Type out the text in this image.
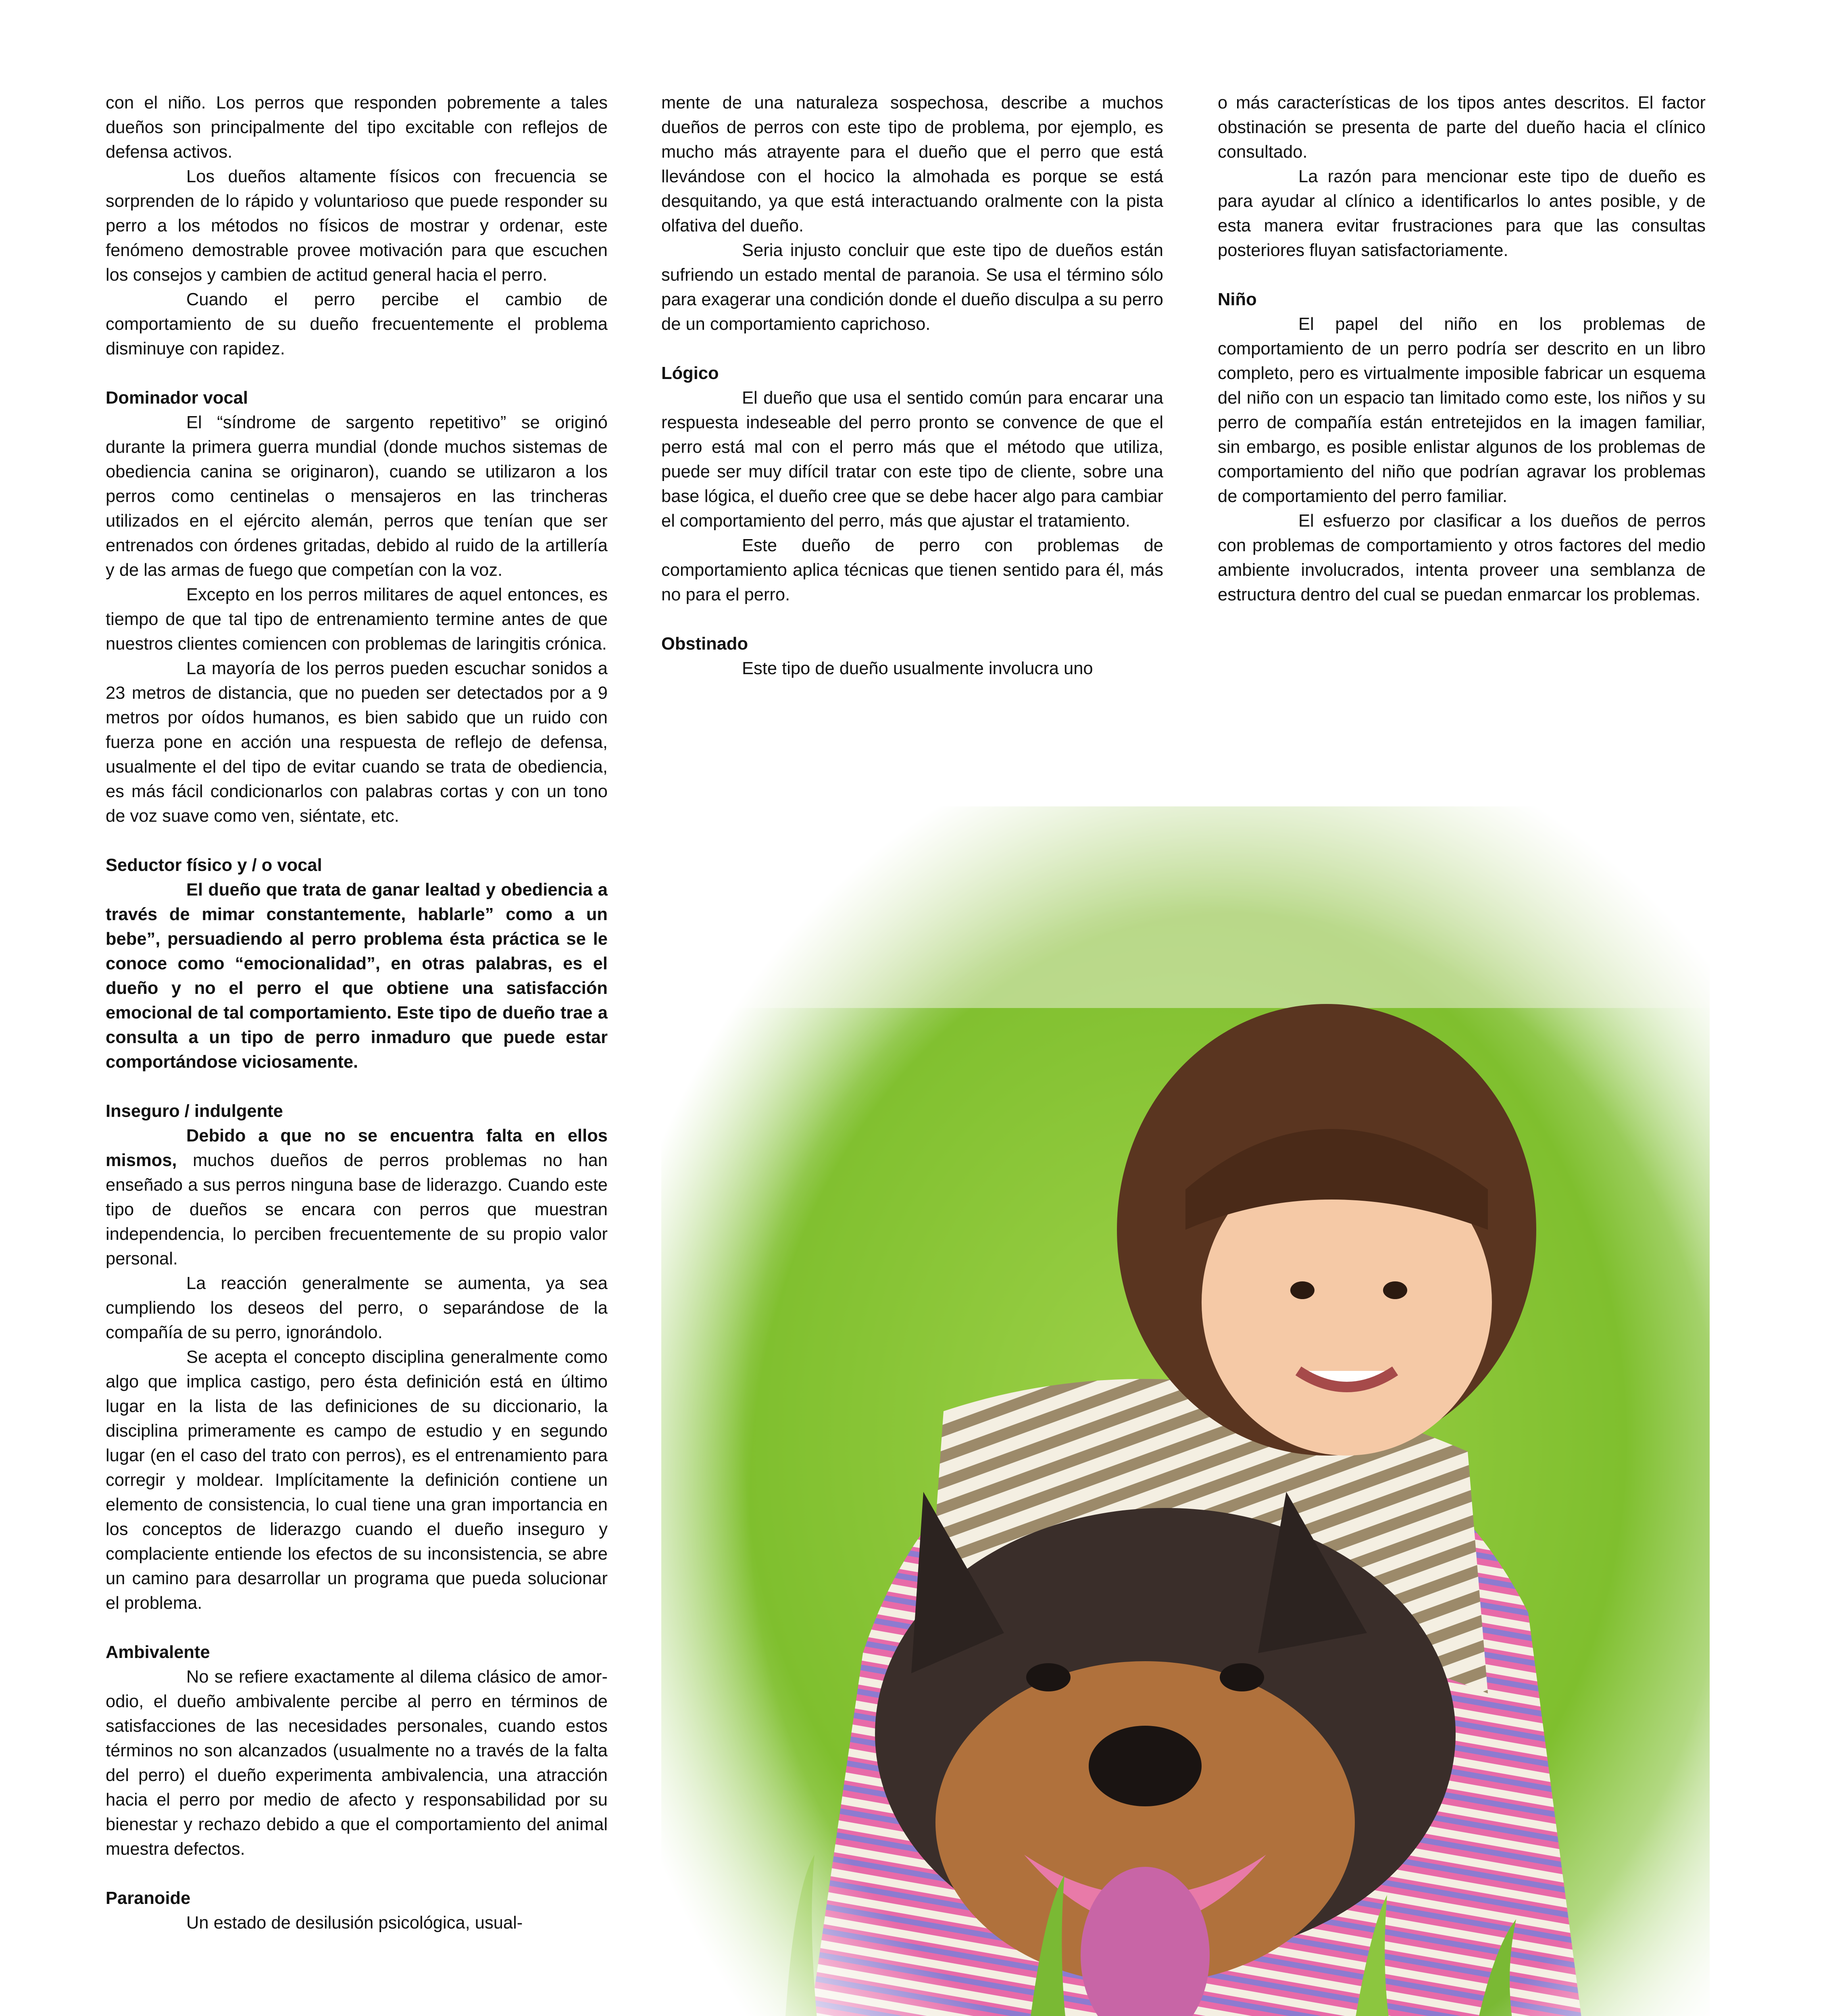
con el niño. Los perros que responden pobremente a tales dueños son principalmente del tipo excitable con reflejos de defensa activos.

Los dueños altamente físicos con frecuencia se sorprenden de lo rápido y voluntarioso que puede responder su perro a los métodos no físicos de mostrar y ordenar, este fenómeno demostrable provee motivación para que escuchen los consejos y cambien de actitud general hacia el perro.

Cuando el perro percibe el cambio de comportamiento de su dueño frecuentemente el problema disminuye con rapidez.

Dominador vocal

El “síndrome de sargento repetitivo” se originó durante la primera guerra mundial (donde muchos sistemas de obediencia canina se originaron), cuando se utilizaron a los perros como centinelas o mensajeros en las trincheras utilizados en el ejército alemán, perros que tenían que ser entrenados con órdenes gritadas, debido al ruido de la artillería y de las armas de fuego que competían con la voz.

Excepto en los perros militares de aquel entonces, es tiempo de que tal tipo de entrenamiento termine antes de que nuestros clientes comiencen con problemas de laringitis crónica.

La mayoría de los perros pueden escuchar sonidos a 23 metros de distancia, que no pueden ser detectados por a 9 metros por oídos humanos, es bien sabido que un ruido con fuerza pone en acción una respuesta de reflejo de defensa, usualmente el del tipo de evitar cuando se trata de obediencia, es más fácil condicionarlos con palabras cortas y con un tono de voz suave como ven, siéntate, etc.

Seductor físico y / o vocal

El dueño que trata de ganar lealtad y obediencia a través de mimar constantemente, hablarle” como a un bebe”, persuadiendo al perro problema ésta práctica se le conoce como “emocionalidad”, en otras palabras, es el dueño y no el perro el que obtiene una satisfacción emocional de tal comportamiento. Este tipo de dueño trae a consulta a un tipo de perro inmaduro que puede estar comportándose viciosamente.

Inseguro / indulgente

Debido a que no se encuentra falta en ellos mismos, muchos dueños de perros problemas no han enseñado a sus perros ninguna base de liderazgo. Cuando este tipo de dueños se encara con perros que muestran independencia, lo perciben frecuentemente de su propio valor personal.

La reacción generalmente se aumenta, ya sea cumpliendo los deseos del perro, o separándose de la compañía de su perro, ignorándolo.

Se acepta el concepto disciplina generalmente como algo que implica castigo, pero ésta definición está en último lugar en la lista de las definiciones de su diccionario, la disciplina primeramente es campo de estudio y en segundo lugar (en el caso del trato con perros), es el entrenamiento para corregir y moldear. Implícitamente la definición contiene un elemento de consistencia, lo cual tiene una gran importancia en los conceptos de liderazgo cuando el dueño inseguro y complaciente entiende los efectos de su inconsistencia, se abre un camino para desarrollar un programa que pueda solucionar el problema.

Ambivalente

No se refiere exactamente al dilema clásico de amor-odio, el dueño ambivalente percibe al perro en términos de satisfacciones de las necesidades personales, cuando estos términos no son alcanzados (usualmente no a través de la falta del perro) el dueño experimenta ambivalencia, una atracción hacia el perro por medio de afecto y responsabilidad por su bienestar y rechazo debido a que el comportamiento del animal muestra defectos.

Paranoide

Un estado de desilusión psicológica, usual-

mente de una naturaleza sospechosa, describe a muchos dueños de perros con este tipo de problema, por ejemplo, es mucho más atrayente para el dueño que el perro que está llevándose con el hocico la almohada es porque se está desquitando, ya que está interactuando oralmente con la pista olfativa del dueño.

Seria injusto concluir que este tipo de dueños están sufriendo un estado mental de paranoia. Se usa el término sólo para exagerar una condición donde el dueño disculpa a su perro de un comportamiento caprichoso.

Lógico

El dueño que usa el sentido común para encarar una respuesta indeseable del perro pronto se convence de que el perro está mal con el perro más que el método que utiliza, puede ser muy difícil tratar con este tipo de cliente, sobre una base lógica, el dueño cree que se debe hacer algo para cambiar el comportamiento del perro, más que ajustar el tratamiento.

Este dueño de perro con problemas de comportamiento aplica técnicas que tienen sentido para él, más no para el perro.

Obstinado

Este tipo de dueño usualmente involucra uno

o más características de los tipos antes descritos. El factor obstinación se presenta de parte del dueño hacia el clínico consultado.

La razón para mencionar este tipo de dueño es para ayudar al clínico a identificarlos lo antes posible, y de esta manera evitar frustraciones para que las consultas posteriores fluyan satisfactoriamente.

Niño

El papel del niño en los problemas de comportamiento de un perro podría ser descrito en un libro completo, pero es virtualmente imposible fabricar un esquema del niño con un espacio tan limitado como este, los niños y su perro de compañía están entretejidos en la imagen familiar, sin embargo, es posible enlistar algunos de los problemas de comportamiento del niño que podrían agravar los problemas de comportamiento del perro familiar.

El esfuerzo por clasificar a los dueños de perros con problemas de comportamiento y otros factores del medio ambiente involucrados, intenta proveer una semblanza de estructura dentro del cual se puedan enmarcar los problemas.
